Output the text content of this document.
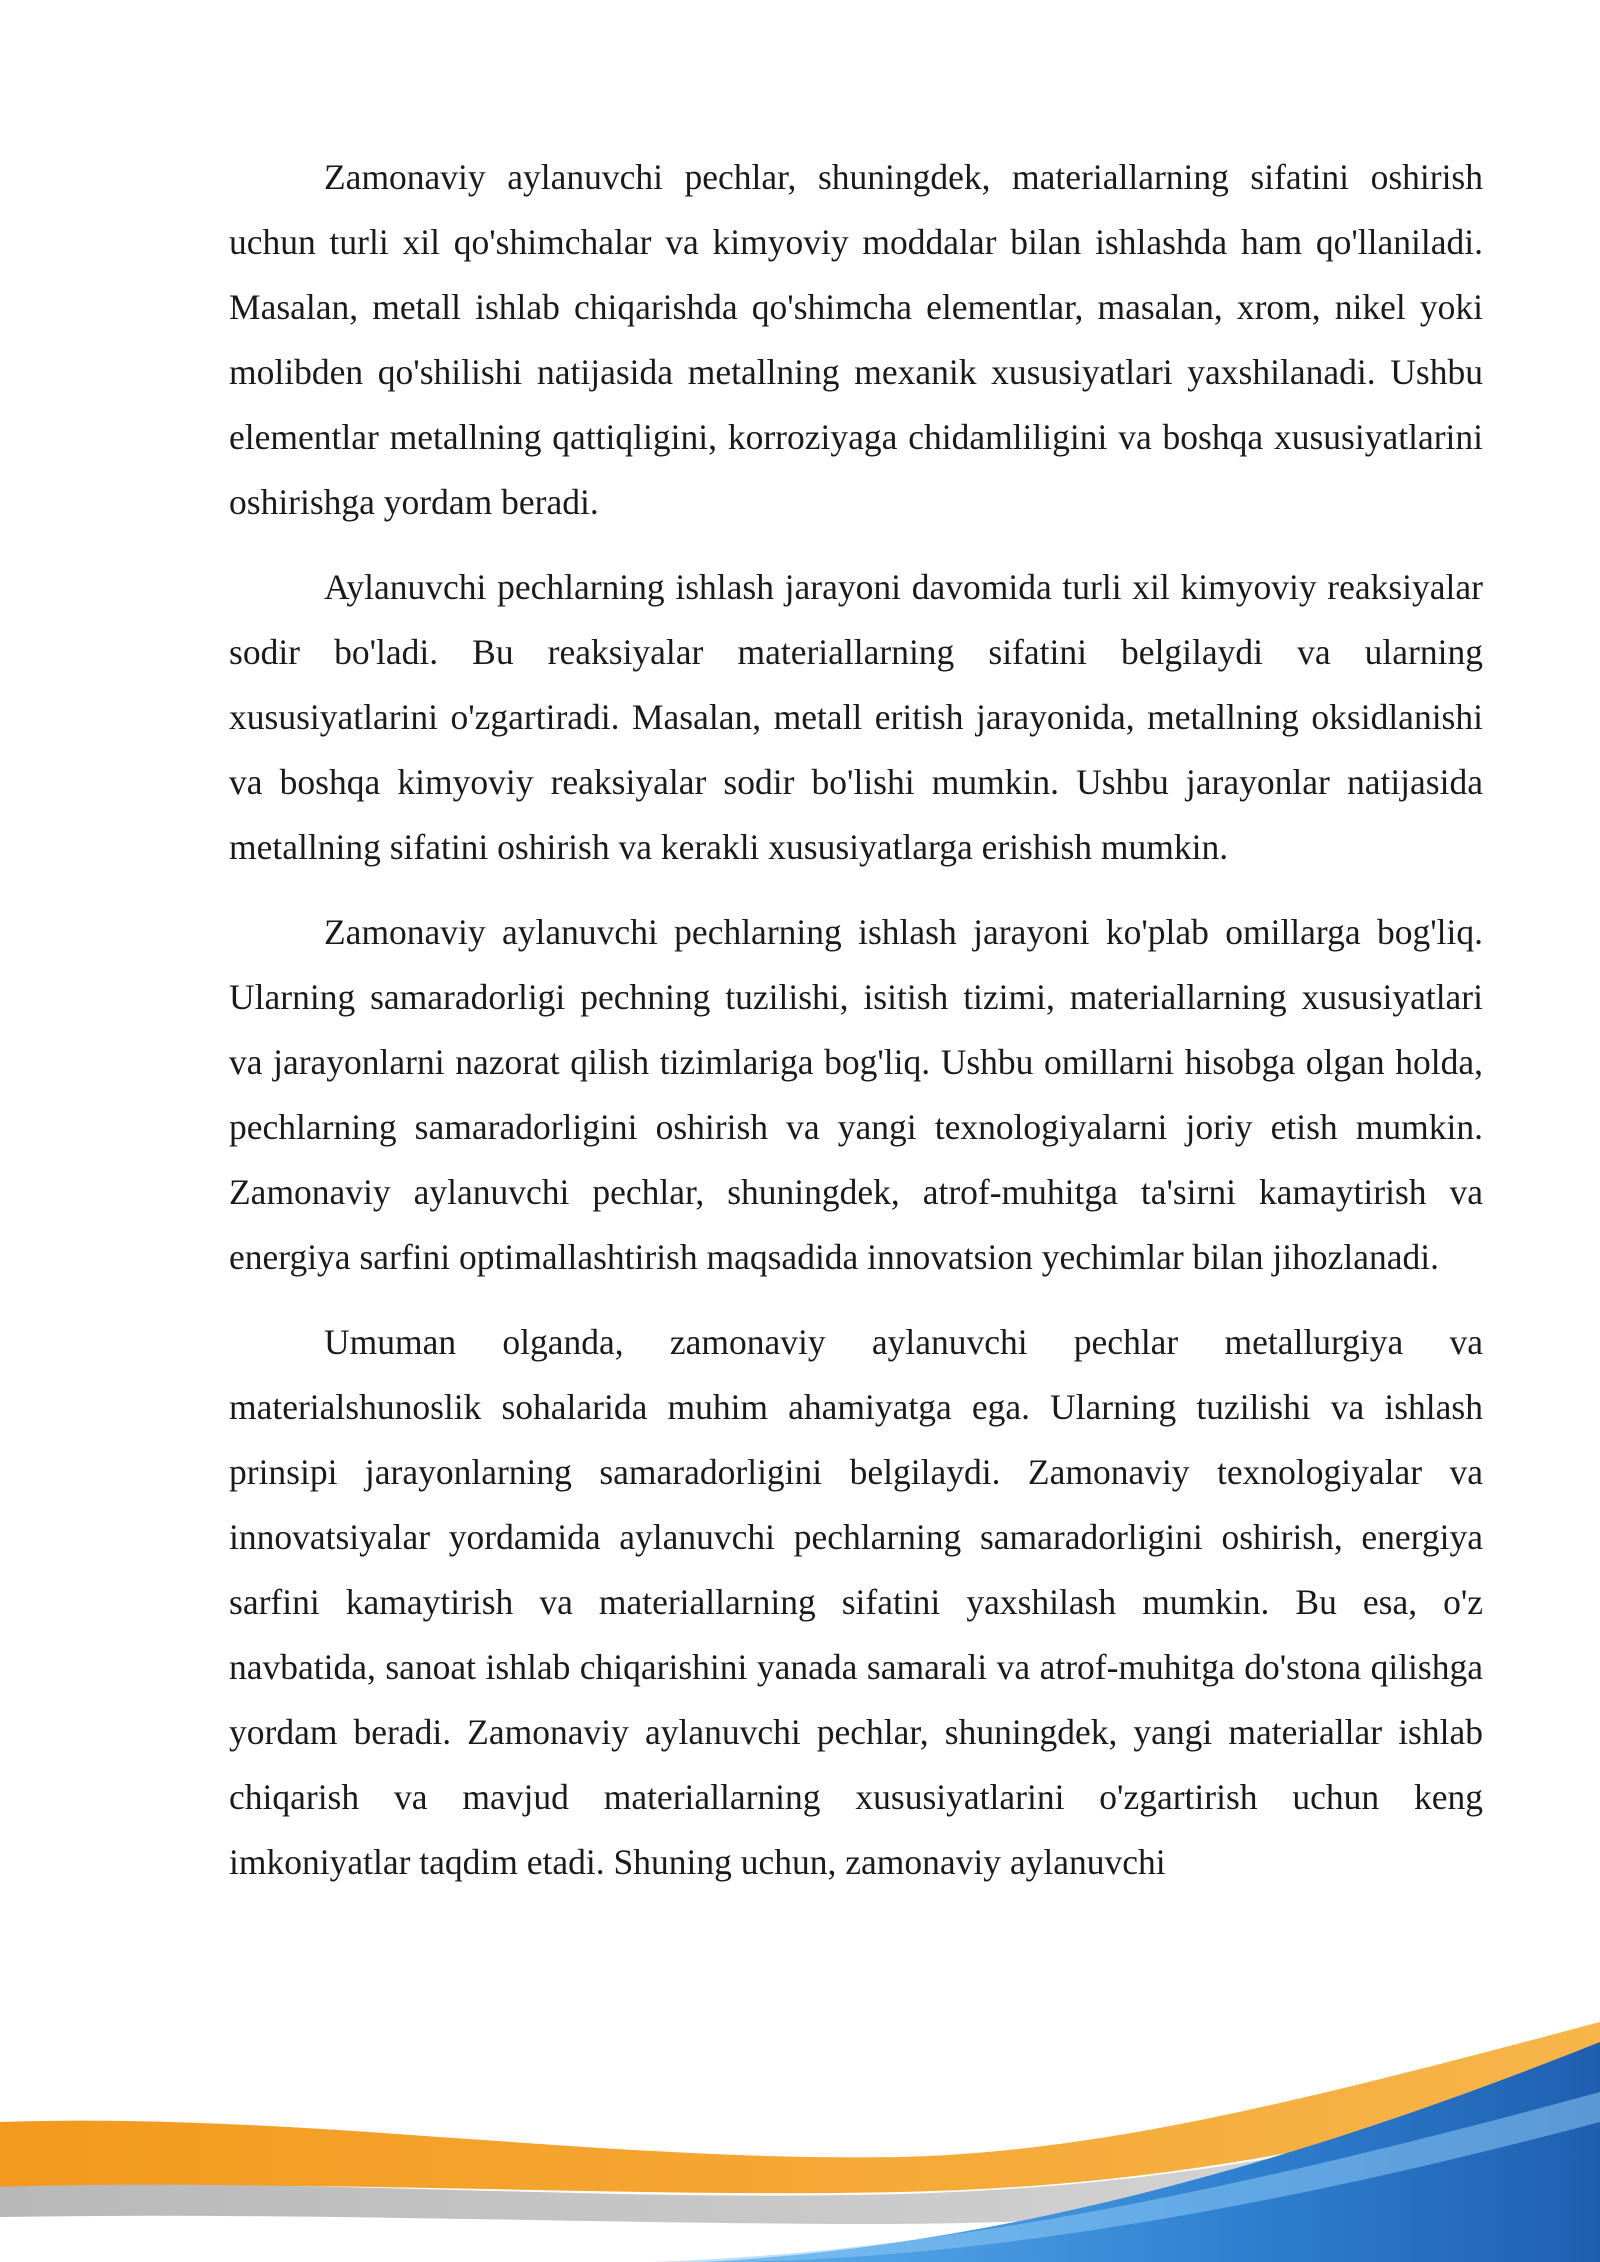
Zamonaviy aylanuvchi pechlar, shuningdek, materiallarning sifatini oshirish uchun turli xil qo'shimchalar va kimyoviy moddalar bilan ishlashda ham qo'llaniladi. Masalan, metall ishlab chiqarishda qo'shimcha elementlar, masalan, xrom, nikel yoki molibden qo'shilishi natijasida metallning mexanik xususiyatlari yaxshilanadi. Ushbu elementlar metallning qattiqligini, korroziyaga chidamliligini va boshqa xususiyatlarini oshirishga yordam beradi.

Aylanuvchi pechlarning ishlash jarayoni davomida turli xil kimyoviy reaksiyalar sodir bo'ladi. Bu reaksiyalar materiallarning sifatini belgilaydi va ularning xususiyatlarini o'zgartiradi. Masalan, metall eritish jarayonida, metallning oksidlanishi va boshqa kimyoviy reaksiyalar sodir bo'lishi mumkin. Ushbu jarayonlar natijasida metallning sifatini oshirish va kerakli xususiyatlarga erishish mumkin.

Zamonaviy aylanuvchi pechlarning ishlash jarayoni ko'plab omillarga bog'liq. Ularning samaradorligi pechning tuzilishi, isitish tizimi, materiallarning xususiyatlari va jarayonlarni nazorat qilish tizimlariga bog'liq. Ushbu omillarni hisobga olgan holda, pechlarning samaradorligini oshirish va yangi texnologiyalarni joriy etish mumkin. Zamonaviy aylanuvchi pechlar, shuningdek, atrof-muhitga ta'sirni kamaytirish va energiya sarfini optimallashtirish maqsadida innovatsion yechimlar bilan jihozlanadi.

Umuman olganda, zamonaviy aylanuvchi pechlar metallurgiya va materialshunoslik sohalarida muhim ahamiyatga ega. Ularning tuzilishi va ishlash prinsipi jarayonlarning samaradorligini belgilaydi. Zamonaviy texnologiyalar va innovatsiyalar yordamida aylanuvchi pechlarning samaradorligini oshirish, energiya sarfini kamaytirish va materiallarning sifatini yaxshilash mumkin. Bu esa, o'z navbatida, sanoat ishlab chiqarishini yanada samarali va atrof-muhitga do'stona qilishga yordam beradi. Zamonaviy aylanuvchi pechlar, shuningdek, yangi materiallar ishlab chiqarish va mavjud materiallarning xususiyatlarini o'zgartirish uchun keng imkoniyatlar taqdim etadi. Shuning uchun, zamonaviy aylanuvchi
